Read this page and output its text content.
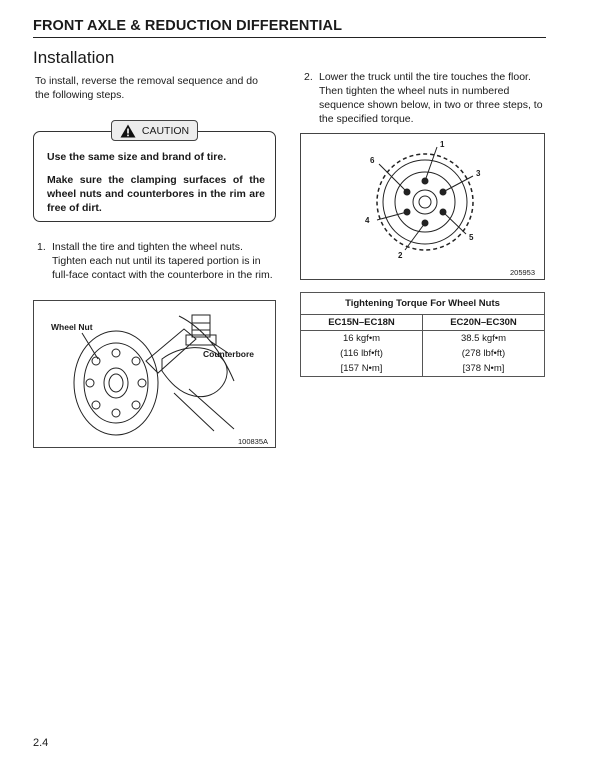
FRONT AXLE & REDUCTION DIFFERENTIAL
Installation
To install, reverse the removal sequence and do the following steps.
CAUTION
Use the same size and brand of tire.
Make sure the clamping surfaces of the wheel nuts and counterbores in the rim are free of dirt.
1. Install the tire and tighten the wheel nuts. Tighten each nut until its tapered portion is in full-face contact with the counterbore in the rim.
Wheel Nut
Counterbore
100835A
2. Lower the truck until the tire touches the floor. Then tighten the wheel nuts in numbered sequence shown below, in two or three steps, to the specified torque.
1
2
3
4
5
6
205953
Tightening Torque For Wheel Nuts	
EC15N–EC18N	EC20N–EC30N
16 kgf•m	38.5 kgf•m
(116 lbf•ft)	(278 lbf•ft)
[157 N•m]	[378 N•m]
2.4
